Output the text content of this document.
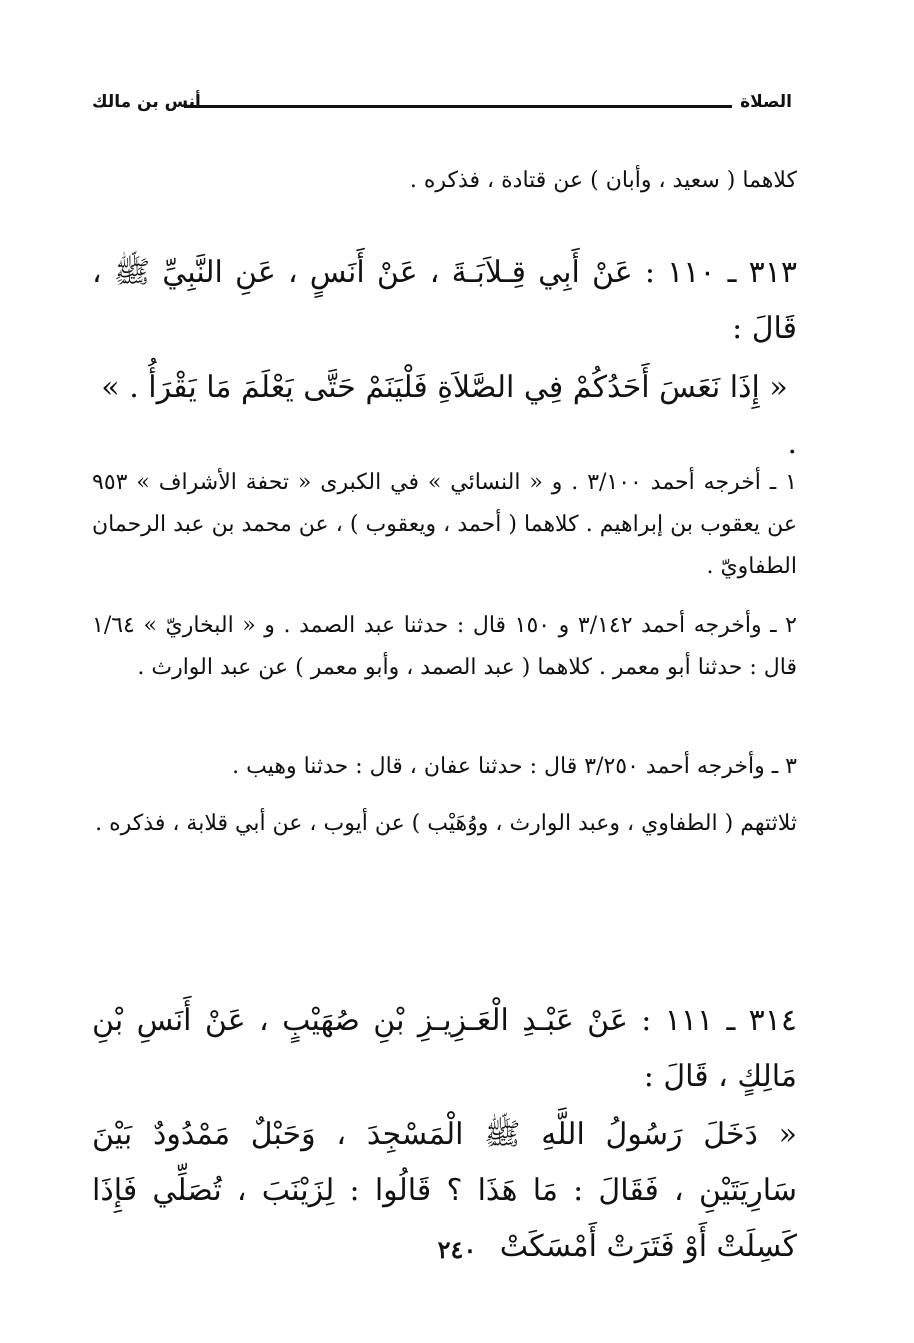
الصلاة
أنس بن مالك
كلاهما ( سعيد ، وأبان ) عن قتادة ، فذكره .
٣١٣ ـ ١١٠ : عَنْ أَبِي قِـلاَبَـةَ ، عَنْ أَنَسٍ ، عَنِ النَّبِيِّ ﷺ ، قَالَ :
« إِذَا نَعَسَ أَحَدُكُمْ فِي الصَّلاَةِ فَلْيَنَمْ حَتَّى يَعْلَمَ مَا يَقْرَأُ . » .
١ ـ أخرجه أحمد ٣/١٠٠ . و « النسائي » في الكبرى « تحفة الأشراف » ٩٥٣ عن يعقوب بن إبراهيم . كلاهما ( أحمد ، ويعقوب ) ، عن محمد بن عبد الرحمان الطفاويّ .
٢ ـ وأخرجه أحمد ٣/١٤٢ و ١٥٠ قال : حدثنا عبد الصمد . و « البخاريّ » ١/٦٤ قال : حدثنا أبو معمر . كلاهما ( عبد الصمد ، وأبو معمر ) عن عبد الوارث .
٣ ـ وأخرجه أحمد ٣/٢٥٠ قال : حدثنا عفان ، قال : حدثنا وهيب .
ثلاثتهم ( الطفاوي ، وعبد الوارث ، ووُهَيْب ) عن أيوب ، عن أبي قلابة ، فذكره .
٣١٤ ـ ١١١ : عَنْ عَبْـدِ الْعَـزِيـزِ بْنِ صُهَيْبٍ ، عَنْ أَنَسِ بْنِ مَالِكٍ ، قَالَ :
« دَخَلَ رَسُولُ اللَّهِ ﷺ الْمَسْجِدَ ، وَحَبْلٌ مَمْدُودٌ بَيْنَ سَارِيَتَيْنِ ، فَقَالَ : مَا هَذَا ؟ قَالُوا : لِزَيْنَبَ ، تُصَلِّي فَإِذَا كَسِلَتْ أَوْ فَتَرَتْ أَمْسَكَتْ
٢٤٠
